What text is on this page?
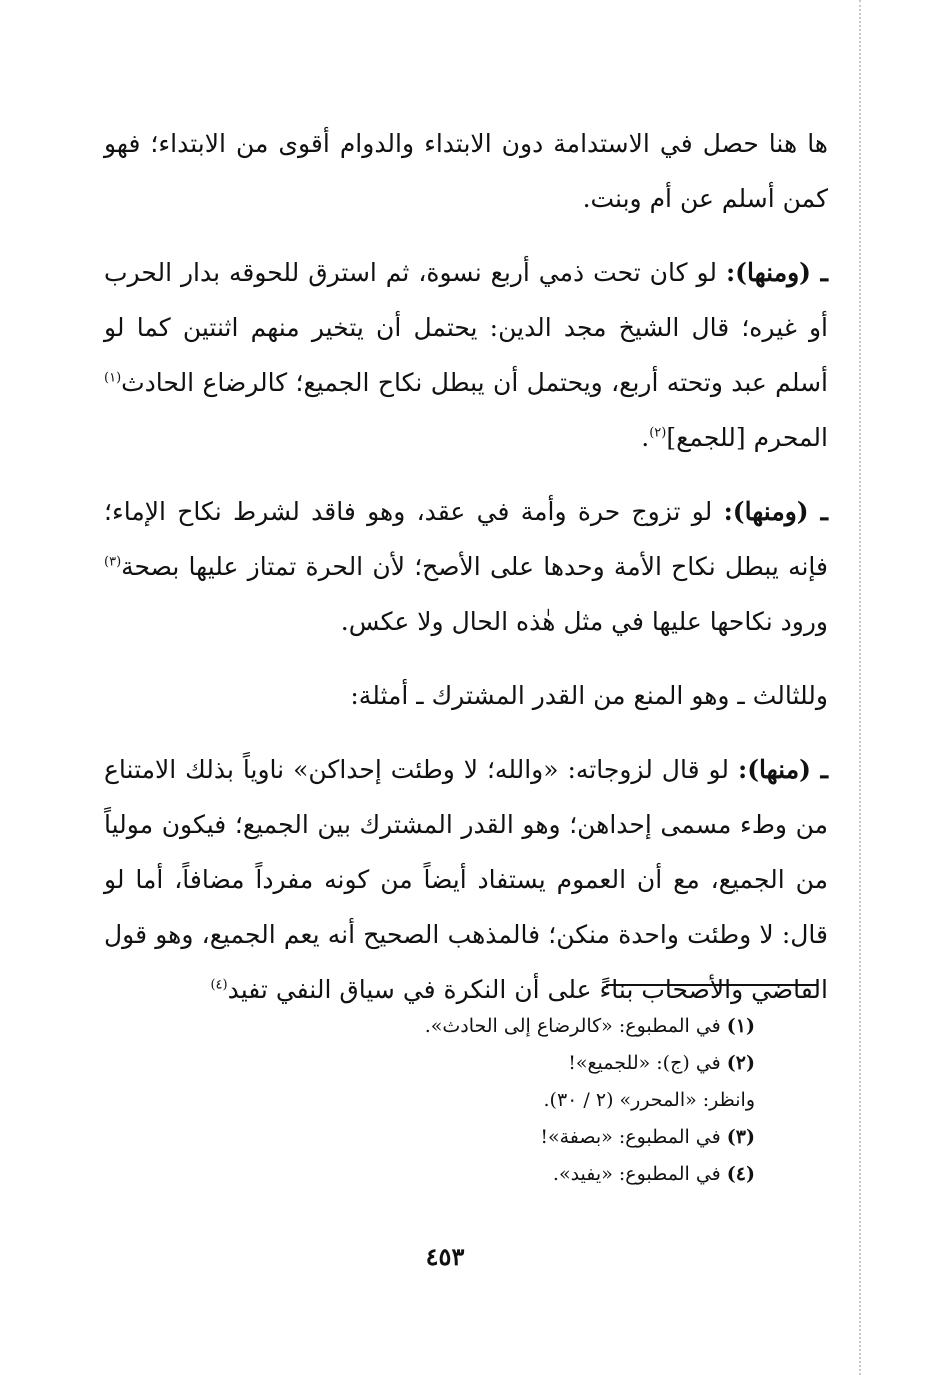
ها هنا حصل في الاستدامة دون الابتداء والدوام أقوى من الابتداء؛ فهو كمن أسلم عن أم وبنت.

ـ (ومنها): لو كان تحت ذمي أربع نسوة، ثم استرق للحوقه بدار الحرب أو غيره؛ قال الشيخ مجد الدين: يحتمل أن يتخير منهم اثنتين كما لو أسلم عبد وتحته أربع، ويحتمل أن يبطل نكاح الجميع؛ كالرضاع الحادث$^{(١)}$ المحرم [للجمع]$^{(٢)}$.

ـ (ومنها): لو تزوج حرة وأمة في عقد، وهو فاقد لشرط نكاح الإماء؛ فإنه يبطل نكاح الأمة وحدها على الأصح؛ لأن الحرة تمتاز عليها بصحة$^{(٣)}$ ورود نكاحها عليها في مثل هٰذه الحال ولا عكس.

وللثالث ـ وهو المنع من القدر المشترك ـ أمثلة:

ـ (منها): لو قال لزوجاته: «والله؛ لا وطئت إحداكن» ناوياً بذلك الامتناع من وطء مسمى إحداهن؛ وهو القدر المشترك بين الجميع؛ فيكون مولياً من الجميع، مع أن العموم يستفاد أيضاً من كونه مفرداً مضافاً، أما لو قال: لا وطئت واحدة منكن؛ فالمذهب الصحيح أنه يعم الجميع، وهو قول القاضي والأصحاب بناءً على أن النكرة في سياق النفي تفيد$^{(٤)}$

(١) في المطبوع: «كالرضاع إلى الحادث».

(٢) في (ج): «للجميع»!

وانظر: «المحرر» (٢ / ٣٠).

(٣) في المطبوع: «بصفة»!

(٤) في المطبوع: «يفيد».

٤٥٣
